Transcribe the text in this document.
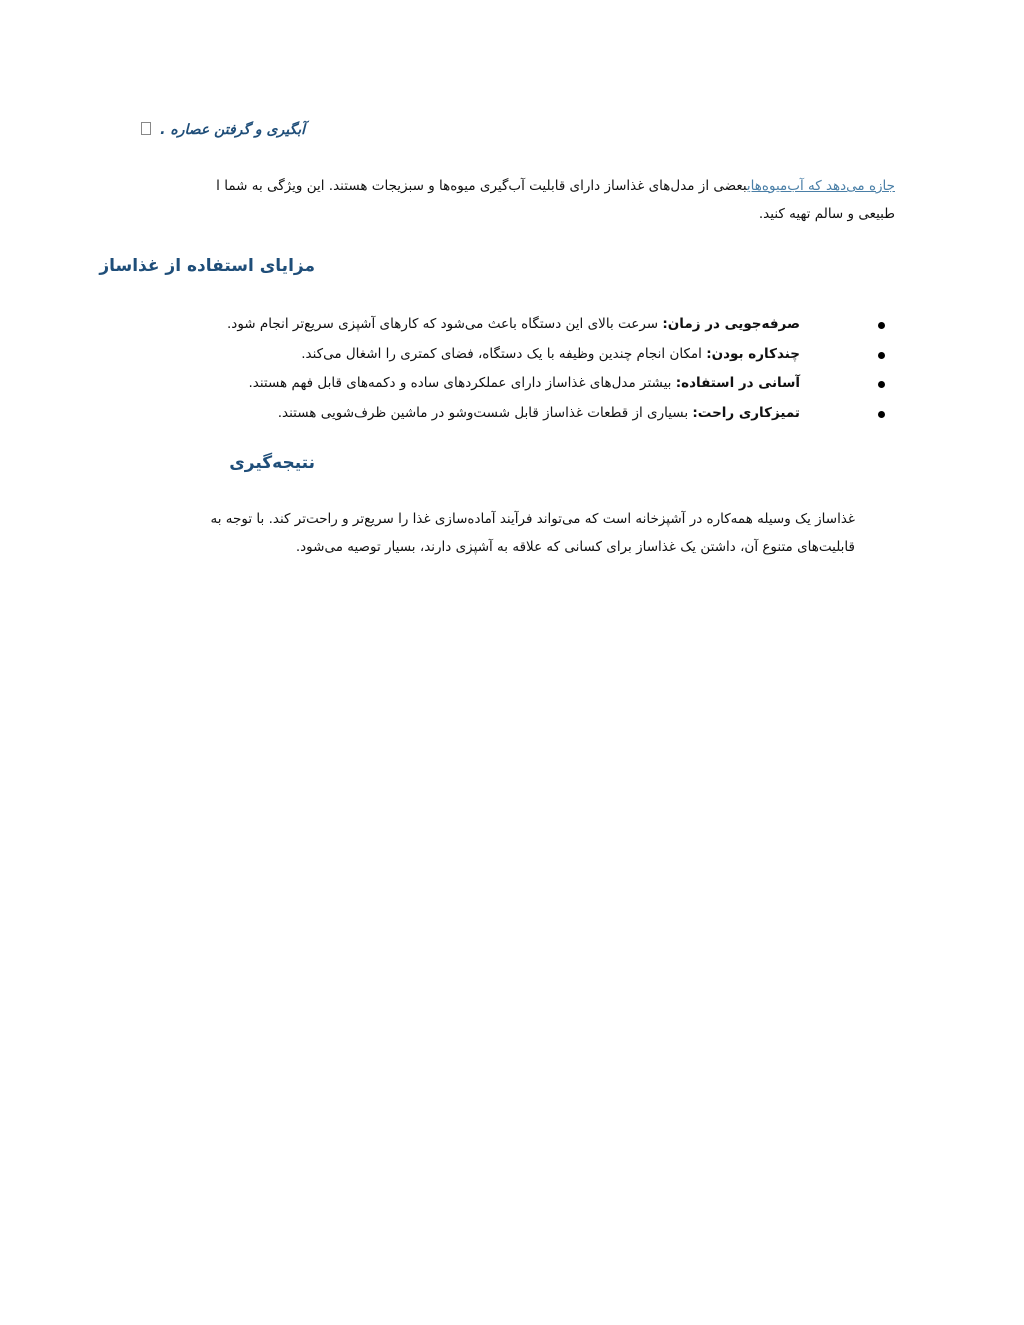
آبگیری و گرفتن عصاره .
جازه می‌دهد که آب‌میوه‌هایبعضی از مدل‌های غذاساز دارای قابلیت آب‌گیری میوه‌ها و سبزیجات هستند. این ویژگی به شما ا
طبیعی و سالم تهیه کنید.
مزایای استفاده از غذاساز
صرفه‌جویی در زمان: سرعت بالای این دستگاه باعث می‌شود که کارهای آشپزی سریع‌تر انجام شود.
چندکاره بودن: امکان انجام چندین وظیفه با یک دستگاه، فضای کمتری را اشغال می‌کند.
آسانی در استفاده: بیشتر مدل‌های غذاساز دارای عملکردهای ساده و دکمه‌های قابل فهم هستند.
تمیزکاری راحت: بسیاری از قطعات غذاساز قابل شست‌وشو در ماشین ظرف‌شویی هستند.
نتیجه‌گیری
غذاساز یک وسیله همه‌کاره در آشپزخانه است که می‌تواند فرآیند آماده‌سازی غذا را سریع‌تر و راحت‌تر کند. با توجه به
قابلیت‌های متنوع آن، داشتن یک غذاساز برای کسانی که علاقه به آشپزی دارند، بسیار توصیه می‌شود.
